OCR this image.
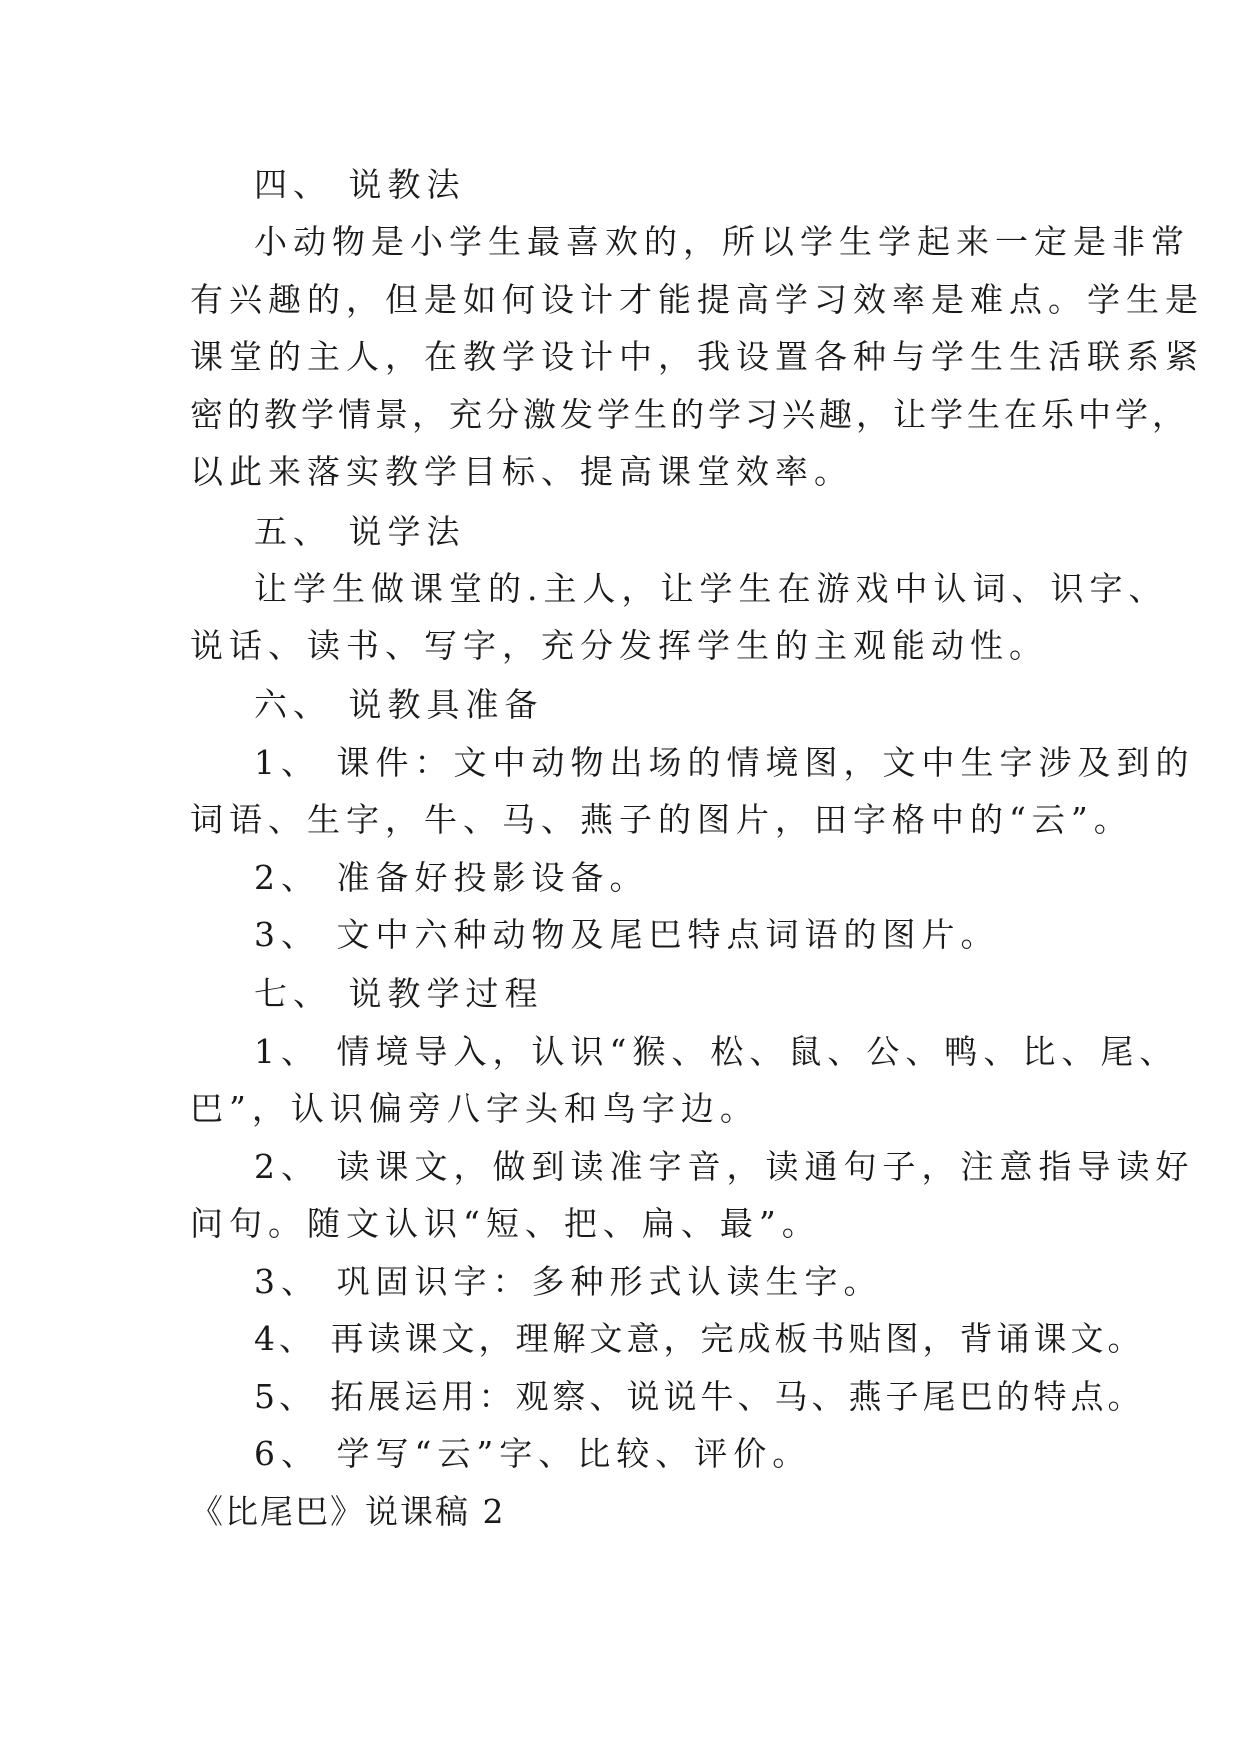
四、 说教法
小动物是小学生最喜欢的，所以学生学起来一定是非常
有兴趣的，但是如何设计才能提高学习效率是难点。学生是
课堂的主人，在教学设计中，我设置各种与学生生活联系紧
密的教学情景，充分激发学生的学习兴趣，让学生在乐中学，
以此来落实教学目标、提高课堂效率。
五、 说学法
让学生做课堂的.主人，让学生在游戏中认词、识字、
说话、读书、写字，充分发挥学生的主观能动性。
六、 说教具准备
1、 课件：文中动物出场的情境图，文中生字涉及到的
词语、生字，牛、马、燕子的图片，田字格中的“云”。
2、 准备好投影设备。
3、 文中六种动物及尾巴特点词语的图片。
七、 说教学过程
1、 情境导入，认识“猴、松、鼠、公、鸭、比、尾、
巴”，认识偏旁八字头和鸟字边。
2、 读课文，做到读准字音，读通句子，注意指导读好
问句。随文认识“短、把、扁、最”。
3、 巩固识字：多种形式认读生字。
4、 再读课文，理解文意，完成板书贴图，背诵课文。
5、 拓展运用：观察、说说牛、马、燕子尾巴的特点。
6、 学写“云”字、比较、评价。
《比尾巴》说课稿 2
